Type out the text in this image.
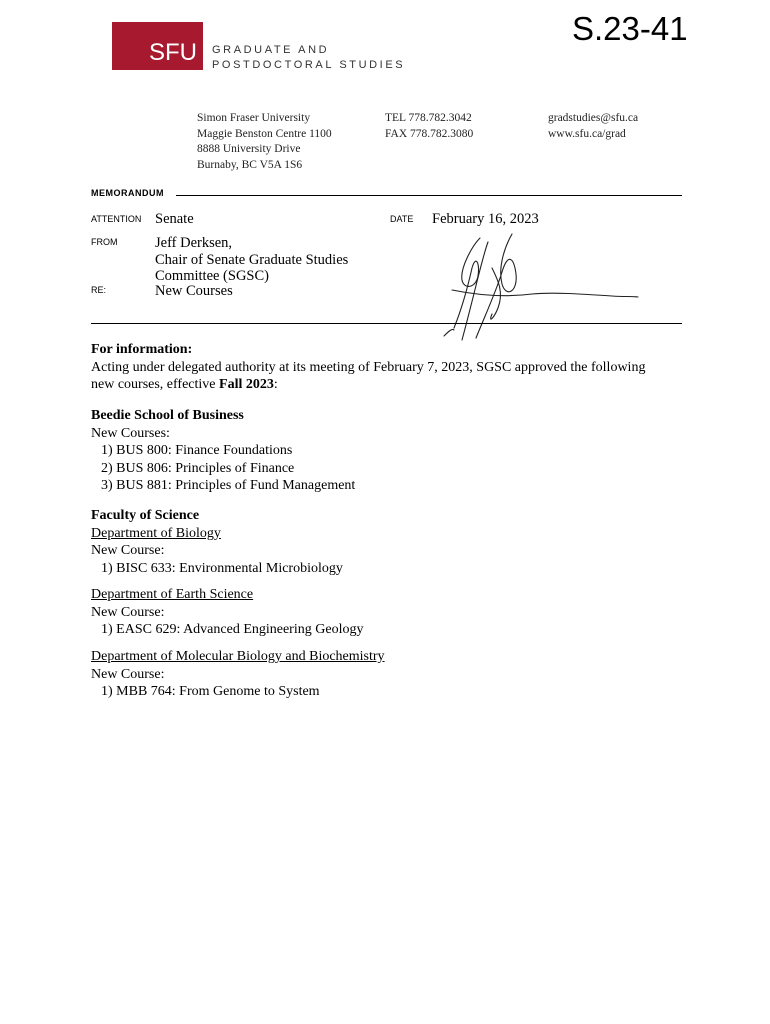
S.23-41
SFU GRADUATE AND
POSTDOCTORAL STUDIES
Simon Fraser University
Maggie Benston Centre 1100
8888 University Drive
Burnaby, BC V5A 1S6
TEL 778.782.3042
FAX 778.782.3080
gradstudies@sfu.ca
www.sfu.ca/grad
MEMORANDUM
ATTENTION Senate	DATE February 16, 2023
FROM	Jeff Derksen,
Chair of Senate Graduate Studies
Committee (SGSC)
RE:	New Courses
For information:
Acting under delegated authority at its meeting of February 7, 2023, SGSC approved the following
new courses, effective Fall 2023:
Beedie School of Business
New Courses:
1) BUS 800: Finance Foundations
2) BUS 806: Principles of Finance
3) BUS 881: Principles of Fund Management
Faculty of Science
Department of Biology
New Course:
1) BISC 633: Environmental Microbiology
Department of Earth Science
New Course:
1) EASC 629: Advanced Engineering Geology
Department of Molecular Biology and Biochemistry
New Course:
1) MBB 764: From Genome to System
